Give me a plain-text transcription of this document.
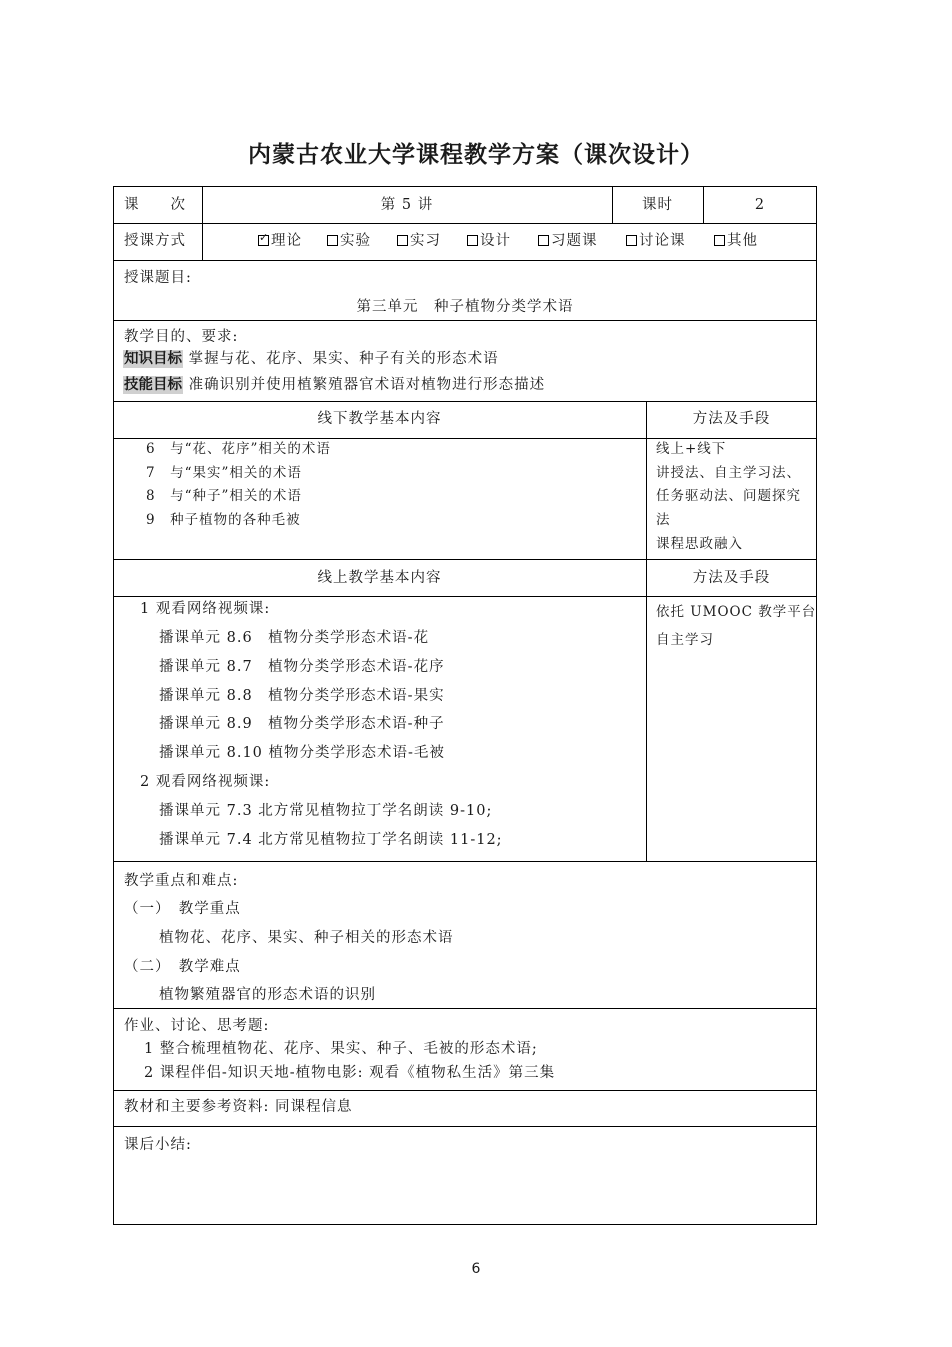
内蒙古农业大学课程教学方案（课次设计）
课　　次	第 5 讲	课时	2
授课方式
✓	理论	实验	实习	设计	习题课	讨论课	其他
授课题目:
第三单元　种子植物分类学术语
教学目的、要求:
知识目标 掌握与花、花序、果实、种子有关的形态术语
技能目标 准确识别并使用植繁殖器官术语对植物进行形态描述
线下教学基本内容	方法及手段
6　与“花、花序”相关的术语
7　与“果实”相关的术语
8　与“种子”相关的术语
9　种子植物的各种毛被
线上+线下
讲授法、自主学习法、
任务驱动法、问题探究
法
课程思政融入
线上教学基本内容	方法及手段
1 观看网络视频课:
播课单元 8.6　植物分类学形态术语-花
播课单元 8.7　植物分类学形态术语-花序
播课单元 8.8　植物分类学形态术语-果实
播课单元 8.9　植物分类学形态术语-种子
播课单元 8.10 植物分类学形态术语-毛被
2 观看网络视频课:
播课单元 7.3 北方常见植物拉丁学名朗读 9-10;
播课单元 7.4 北方常见植物拉丁学名朗读 11-12;
依托 UMOOC 教学平台
自主学习
教学重点和难点:
（一）　教学重点
植物花、花序、果实、种子相关的形态术语
（二）　教学难点
植物繁殖器官的形态术语的识别
作业、讨论、思考题:
1 整合梳理植物花、花序、果实、种子、毛被的形态术语;
2 课程伴侣-知识天地-植物电影: 观看《植物私生活》第三集
教材和主要参考资料: 同课程信息
课后小结:
6
